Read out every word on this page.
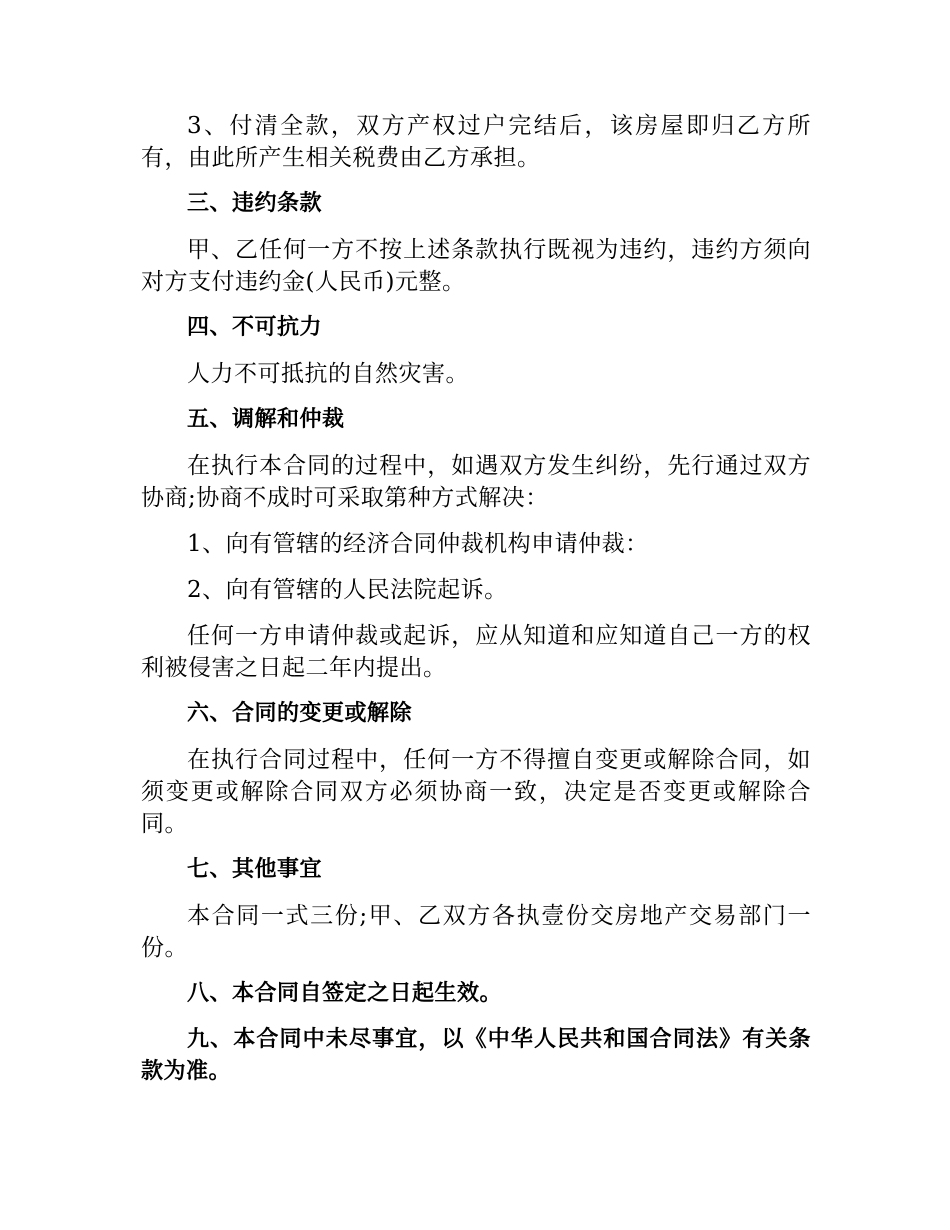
3、付清全款，双方产权过户完结后，该房屋即归乙方所有，由此所产生相关税费由乙方承担。

三、违约条款

甲、乙任何一方不按上述条款执行既视为违约，违约方须向对方支付违约金(人民币)元整。

四、不可抗力

人力不可抵抗的自然灾害。

五、调解和仲裁

在执行本合同的过程中，如遇双方发生纠纷，先行通过双方协商;协商不成时可采取第种方式解决：

1、向有管辖的经济合同仲裁机构申请仲裁：

2、向有管辖的人民法院起诉。

任何一方申请仲裁或起诉，应从知道和应知道自己一方的权利被侵害之日起二年内提出。

六、合同的变更或解除

在执行合同过程中，任何一方不得擅自变更或解除合同，如须变更或解除合同双方必须协商一致，决定是否变更或解除合同。

七、其他事宜

本合同一式三份;甲、乙双方各执壹份交房地产交易部门一份。

八、本合同自签定之日起生效。

九、本合同中未尽事宜，以《中华人民共和国合同法》有关条款为准。
